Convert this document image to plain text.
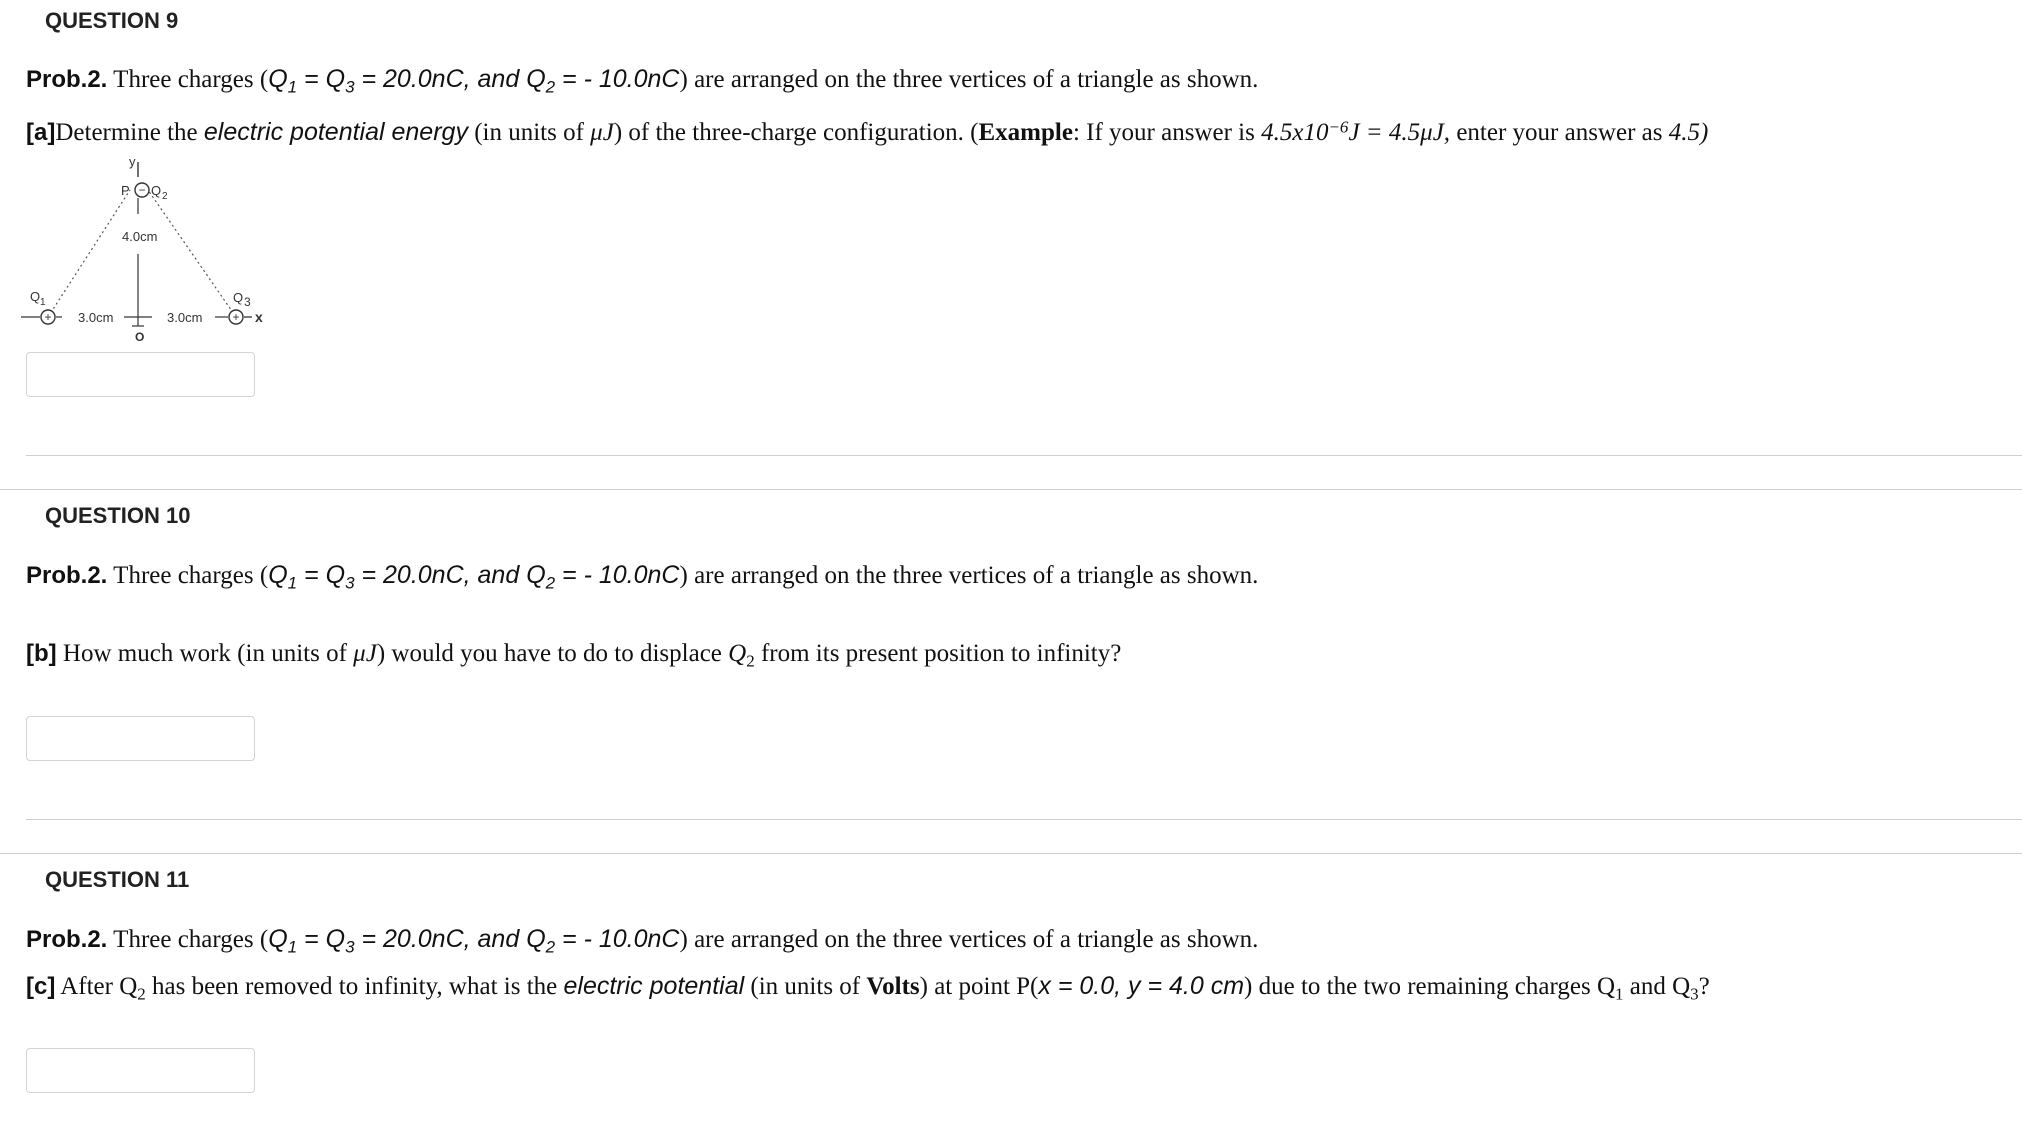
QUESTION 9
Prob.2. Three charges ($Q_1 = Q_3 = 20.0nC$, and $Q_2$ = - 10.0nC) are arranged on the three vertices of a triangle as shown.
[a]Determine the electric potential energy (in units of μJ) of the three-charge configuration. (Example: If your answer is $4.5x10^{-6}J = 4.5\mu J$, enter your answer as 4.5)
y
P − Q 2
4.0cm
Q 1
+ 3.0cm
O
3.0cm	+
Q 3
x
QUESTION 10
Prob.2. Three charges ($Q_1 = Q_3 = 20.0nC$, and $Q_2$ = - 10.0nC) are arranged on the three vertices of a triangle as shown.
[b] How much work (in units of μJ) would you have to do to displace $Q_2$ from its present position to infinity?
QUESTION 11
Prob.2. Three charges ($Q_1 = Q_3 = 20.0nC$, and $Q_2$ = - 10.0nC) are arranged on the three vertices of a triangle as shown.
[c] After $Q_2$ has been removed to infinity, what is the electric potential (in units of Volts) at point P(x = 0.0, y = 4.0 cm) due to the two remaining charges $Q_1$ and $Q_3$?
